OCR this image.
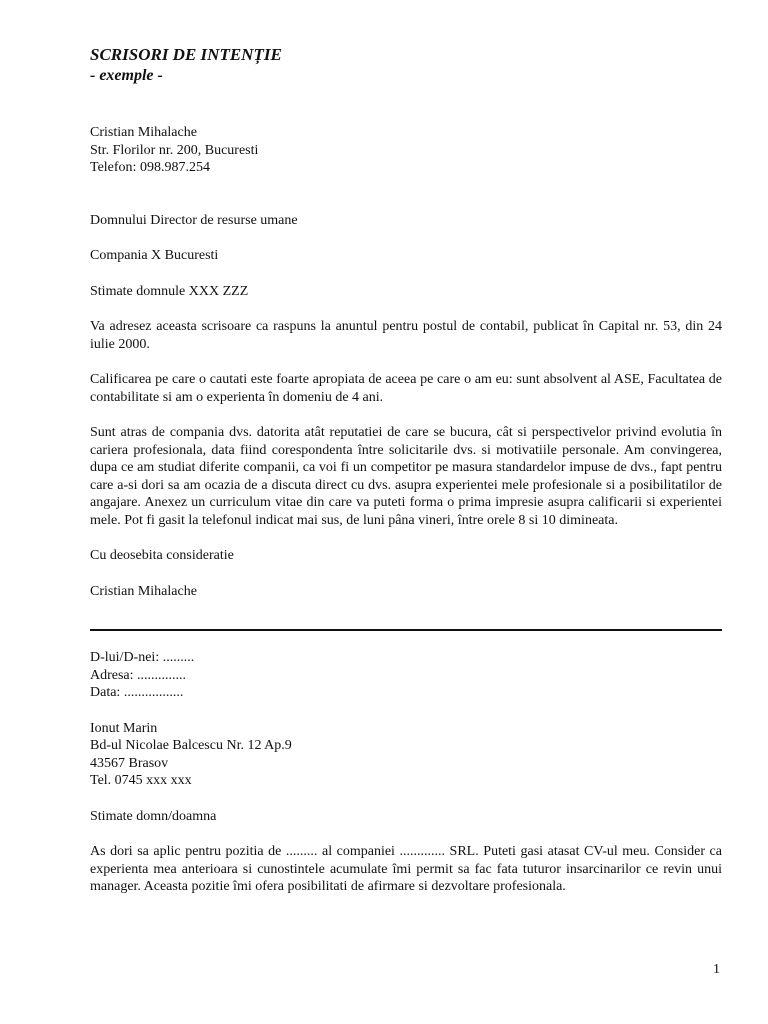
SCRISORI DE INTENȚIE
- exemple -
Cristian Mihalache
Str. Florilor nr. 200, Bucuresti
Telefon: 098.987.254
Domnului Director de resurse umane
Compania X Bucuresti
Stimate domnule XXX ZZZ

Va adresez aceasta scrisoare ca raspuns la anuntul pentru postul de contabil, publicat în Capital nr. 53, din 24 iulie 2000.

Calificarea pe care o cautati este foarte apropiata de aceea pe care o am eu: sunt absolvent al ASE, Facultatea de contabilitate si am o experienta în domeniu de 4 ani.

Sunt atras de compania dvs. datorita atât reputatiei de care se bucura, cât si perspectivelor privind evolutia în cariera profesionala, data fiind corespondenta între solicitarile dvs. si motivatiile personale. Am convingerea, dupa ce am studiat diferite companii, ca voi fi un competitor pe masura standardelor impuse de dvs., fapt pentru care a-si dori sa am ocazia de a discuta direct cu dvs. asupra experientei mele profesionale si a posibilitatilor de angajare. Anexez un curriculum vitae din care va puteti forma o prima impresie asupra calificarii si experientei mele. Pot fi gasit la telefonul indicat mai sus, de luni pâna vineri, între orele 8 si 10 dimineata.

Cu deosebita consideratie
Cristian Mihalache
D-lui/D-nei: .........
Adresa: ..............
Data: .................
Ionut Marin
Bd-ul Nicolae Balcescu Nr. 12 Ap.9
43567 Brasov
Tel. 0745 xxx xxx
Stimate domn/doamna

As dori sa aplic pentru pozitia de ......... al companiei ............. SRL. Puteti gasi atasat CV-ul meu. Consider ca experienta mea anterioara si cunostintele acumulate îmi permit sa fac fata tuturor insarcinarilor ce revin unui manager. Aceasta pozitie îmi ofera posibilitati de afirmare si dezvoltare profesionala.

1
